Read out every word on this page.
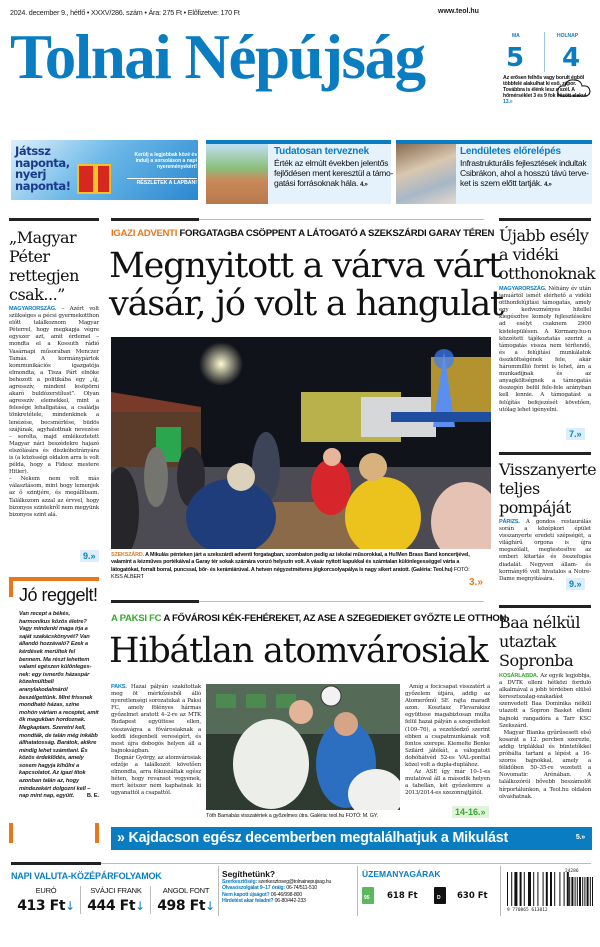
2024. december 9., hétfő • XXXV/286. szám • Ára: 275 Ft • Előfizetve: 170 Ft	www.teol.hu
Tolnai Népújság	MA
5
HOLNAP
4
Az erősen felhős vagy borult égből többfelé alakulhat ki eső, zápor. Továbbra is élénk lesz a szél. A hőmérséklet 3 és 9 fok között alakul. 13.»
Játssz
naponta,
nyerj
naponta!
Kerülj a legjobbak közé és indulj a sorsoláson a napi nyereményekért!
RÉSZLETEK A LAPBAN!
Tudatosan terveznek
Érték az elmúlt években jelentős
fejlődésen ment keresztül a támo-
gatási forrásoknak hála. 4.»
Lendületes előrelépés
Infrastrukturális fejlesztések indultak
Csibrákon, ahol a hosszú távú terve-
ket is szem előtt tartják. 4.»
„Magyar Péter rettegjen csak...”
MAGYARORSZÁG. – Azért volt szükséges a pécsi gyermekotthon előtt találkoznom Magyar Péterrel, hogy megkapja végre egyszer azt, amit érdemel – mondta el a Kossuth rádió Vasárnapi műsorában Menczer Tamás. A kormánypártok kommunikációs igazgatója elmondta, a Tisza Párt elnöke behozott a politikába egy „új, agresszív, mindent lesöpörni akaró buldózerstílust”. Olyan agresszív elemekkel, mint a felesége lehallgatása, a családja tönkretétele, mindenkinek a lenézése, becsmérlése, büdös szájúnak, agyhalottnak nevezése – sorolta, majd emlékeztetett Magyar náci beszédekre hajazó elszólására és diszkóbotrányára is (a közösségi oldalon arra is volt példa, hogy a Fidesz mestere Hitler).
– Nekem nem volt más választásom, mint hogy lemenjek az ő szintjére, és megállítsam. Találkozom azzal az érvvel, hogy bizonyos szintekről nem megyünk bizonyos szint alá.
9.»
Jó reggelt!

Van recept a békés, harmonikus közös életre? Vagy mindenki maga írja a saját szakácskönyvét? Van állandó hozzávaló? Ezek a kérdések merültek fel bennem. Ma részt lehettem valami egészen különleges-nek: egy ismerős házaspár közelmúltbeli aranylakodalmáról beszélgettünk. Mint frissnek mondható házas, színe mohón vártam a receptet, amit ők magukban hordoznak. Megkaptam. Szeretni kell, mondták, de talán még inkább állhatatosság. Barátok, akikre mindig lehet számítani. És közös érdeklődés, amely sosem hagyja kihűlni a kapcsolatot. Az igazi titok azonban talán az, hogy mindezekért dolgozni kell – nap mint nap, együtt. B. E.

IGAZI ADVENTI FORGATAGBA CSÖPPENT A LÁTOGATÓ A SZEKSZÁRDI GARAY TÉREN
Megnyitott a várva várt
vásár, jó volt a hangulat
SZEKSZÁRD. A Mikulás pénteken járt a szekszárdi adventi forgatagban, szombaton pedig az iskolai műsorokkal, a Hu!Men Brass Band koncertjével, valamint a kézműves portékáival a Garay tér sokak számára vonzó helyszín volt. A vásár nyitott kapukkal és számtalan különlegességgel várta a látogatókat, forralt borral, puncssal, bőr- és kerámiárúval. A hetven négyzetméteres jégkorcsolyapálya is nagy sikert aratott. (Galéria: Teol.hu) FOTÓ: KISS ALBERT
3.»
A PAKSI FC A FŐVÁROSI KÉK-FEHÉREKET, AZ ASE A SZEGEDIEKET GYŐZTE LE OTTHON
Hibátlan atomvárosiak
PAKS. Hazai pályán szakítottak meg öt mérkőzésből álló nyeretlenségi sorozatukat a Paksi FC, amely fölényes hármas győzelmet aratott 4–2-re az MTK Budapest együttese ellen, visszavágva a fővárosiaknak a keddi idegenbeli vereségért, és most újra dobogós helyen áll a bajnokságban.
Bognár György, az atomvárosiak edzője a találkozót követően elmondta, arra fókuszáltak egész héten, hogy revansot vegyenek, mert kétszer nem kaphatnak ki ugyanattól a csapattól.
Tóth Barnabás visszatértek a győzelmes útra. Galéria: teol.hu FOTÓ: M. GY.
Amíg a focicsapat visszatért a győzelem útjára, addig az Atomerőmű SE rajta maradt azon. Kosztasz Flevarakisz együttese magabiztosan múlta felül hazai pályán a szegedieket (109–76), a vezetőedző szerint ebben a csapatmunkának volt fontos szerepe. Kiemelte Benke Szilárd játékát, a válogatott dobóhátvéd 52-es VAL-ponttal közel volt a dupla-duplához.
Az ASE így már 10–1-es mutatóval áll a második helyen a tabellán, két győzelemre a 2013/2014-es szezonrajtjától.
14-16.»
Újabb esély a vidéki otthonoknak
MAGYARORSZÁG. Néhány év után januártól ismét elérhető a vidéki otthonfelújítási támogatás, amely egy kedvezményes hitellel kiegészítve komoly fejlesztésekre ad esélyt csaknem 2900 kistelepülésen. A Kormany.hu-n közzétett tájékoztatás szerint a támogatás vissza nem térítendő, és a felújítási munkálatok összköltségének fele, akár hárommillió forint is lehet, ám a munkadíjnak és az anyagköltségnek a támogatás összegén belül fele-fele arányban kell lennie. A támogatást a felújítás befejezését követően, utólag lehet igényelni.
7.»
Visszanyerte teljes pompáját
PÁRIZS. A gondos restaurálás során a középkori épület visszanyerte eredeti szépségét, a világhírű orgona is újra megszólalt, megtestesítve az emberi kitartás és összefogás diadalát. Negyven állam- és kormányfő volt hivatalos a Notre-Dame megnyitására.
9.»
Baa nélkül utaztak Sopronba
KOSÁRLABDA. Az egyik legjobbja, a DVTK elleni hétközi forduló alkalmával a jobb térdében elülső keresztszalag-szakadást szenvedett Baa Dominika nélkül utazott a Sopron Basket elleni bajnoki rangadóra a Tarr KSC Szekszárd.
Magyar Bianka gyűrűsesett első kosarát a 12. percben szerezte, addig triplákkal és büntetőkkel próbálta tartani a lépést a 16-szoros bajnokkal, amely a félidőben 50–35-re vezetett a Novomatic Arénában. A találkozóról bővebb beszámolót hírportálunkon, a Teol.hu oldalon olvashatnak.
» Kajdacson egész decemberben megtalálhatjuk a Mikulást	5.»
NAPI VALUTA-KÖZÉPÁRFOLYAMOK
EURÓ
413 Ft↓
SVÁJCI FRANK
444 Ft↓
ANGOL FONT
498 Ft↓
Segíthetünk?
Szerkesztőség: szerkesztoseg@tolnainepujsag.hu
Olvasószolgálat 9–17 óráig: 06-74/511-510
Nem kapott újságot? 06-46/998-800
Hirdetést akar feladni? 06-80/442-233
ÜZEMANYAGÁRAK
95 618 Ft	D 630 Ft
24286
9 770865 613012
